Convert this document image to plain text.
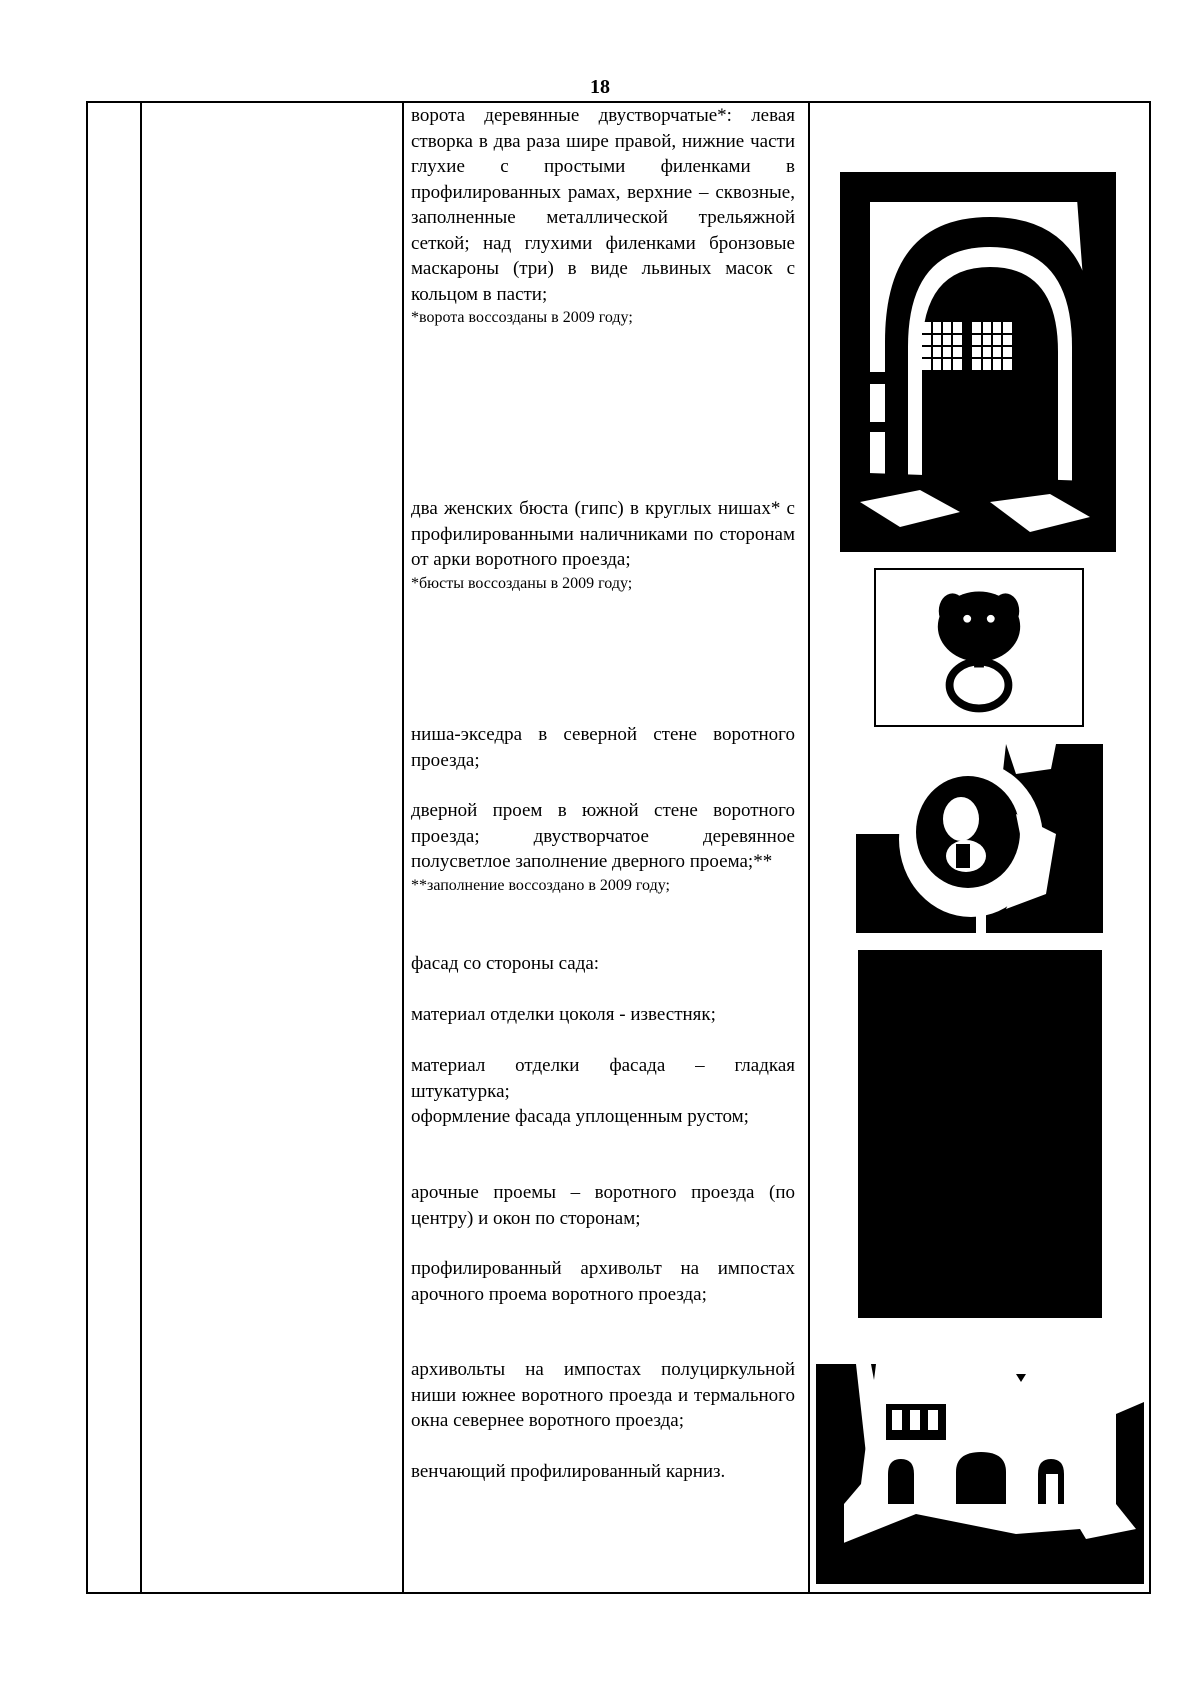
18

ворота деревянные двустворчатые*: левая створка в два раза шире правой, нижние части глухие с простыми филенками в профилированных рамах, верхние – сквозные, заполненные металлической трельяжной сеткой; над глухими филенками бронзовые маскароны (три) в виде львиных масок с кольцом в пасти;

*ворота воссозданы в 2009 году;

два женских бюста (гипс) в круглых нишах* с профилированными наличниками по сторонам от арки воротного проезда;

*бюсты воссозданы в 2009 году;

ниша-экседра в северной стене воротного проезда;

дверной проем в южной стене воротного проезда; двустворчатое деревянное полусветлое заполнение дверного проема;**

**заполнение воссоздано в 2009 году;

фасад со стороны сада:

материал отделки цоколя - известняк;

материал отделки фасада – гладкая штукатурка;

оформление фасада уплощенным рустом;

арочные проемы – воротного проезда (по центру) и окон по сторонам;

профилированный архивольт на импостах арочного проема воротного проезда;

архивольты на импостах полуциркульной ниши южнее воротного проезда и термального окна севернее воротного проезда;

венчающий профилированный карниз.
